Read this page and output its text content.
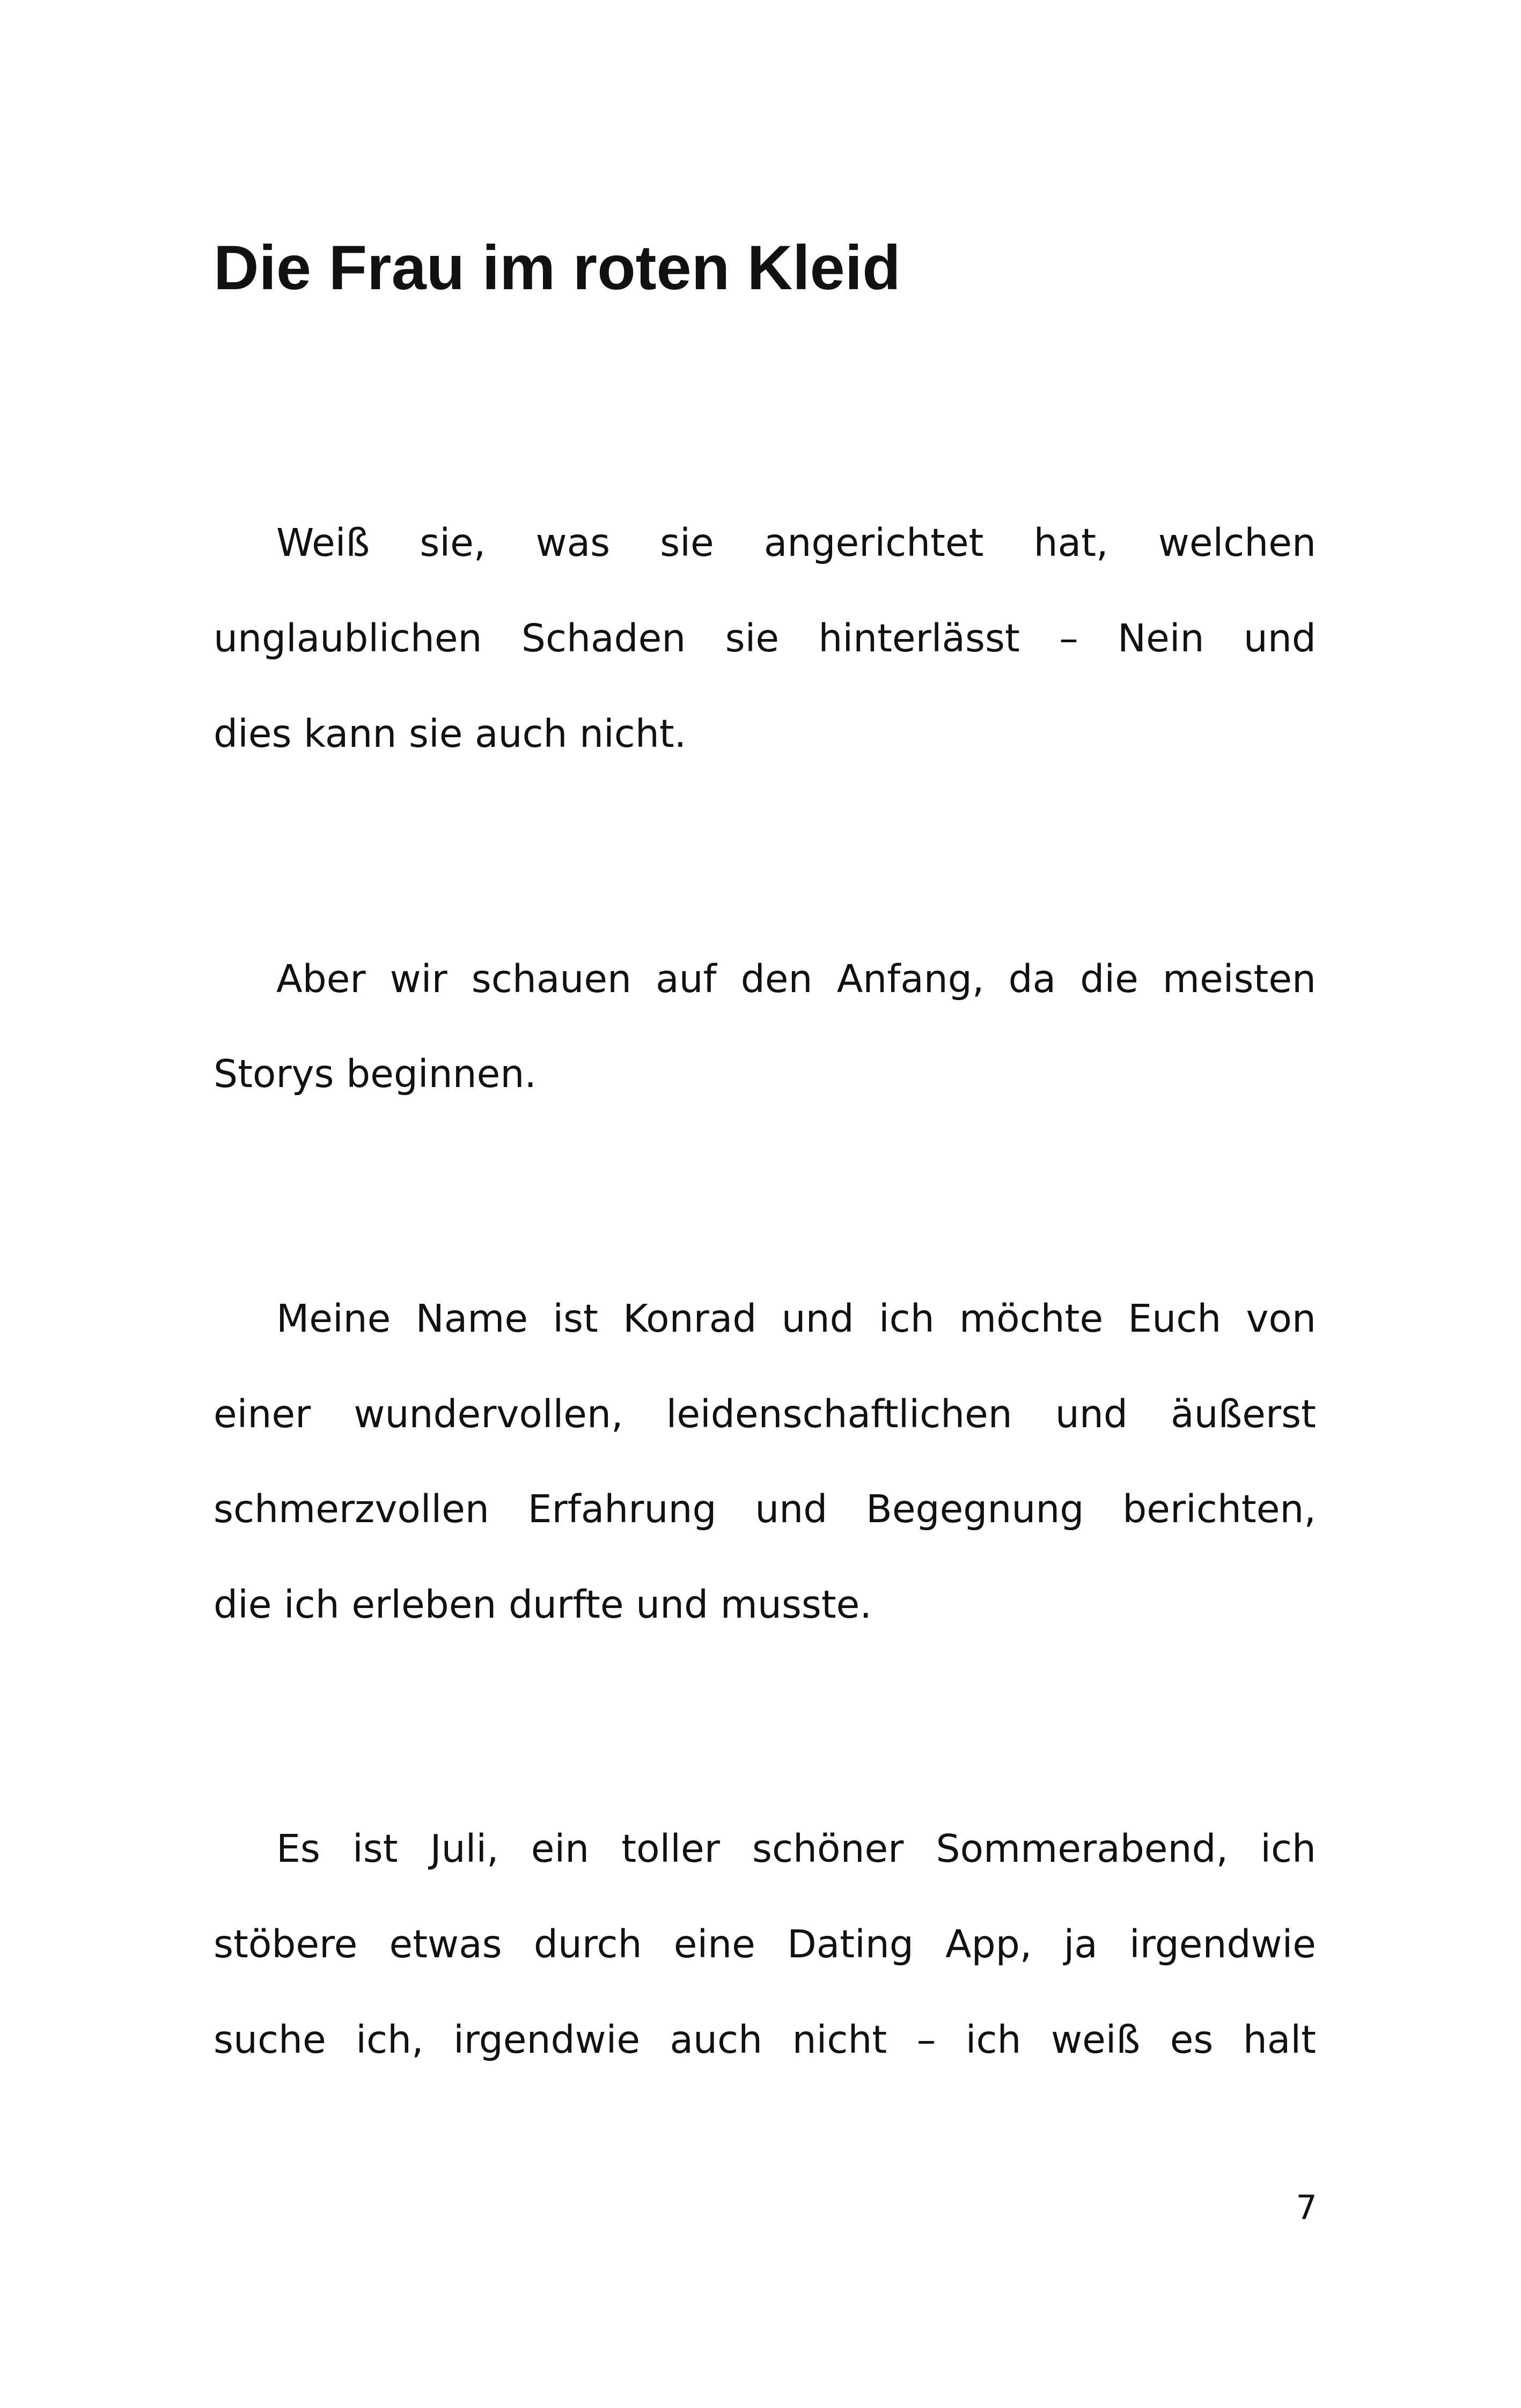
Die Frau im roten Kleid
Weiß sie, was sie angerichtet hat, welchen
unglaublichen Schaden sie hinterlässt – Nein und
dies kann sie auch nicht.
Aber wir schauen auf den Anfang, da die meisten
Storys beginnen.
Meine Name ist Konrad und ich möchte Euch von
einer wundervollen, leidenschaftlichen und äußerst
schmerzvollen Erfahrung und Begegnung berichten,
die ich erleben durfte und musste.
Es ist Juli, ein toller schöner Sommerabend, ich
stöbere etwas durch eine Dating App, ja irgendwie
suche ich, irgendwie auch nicht – ich weiß es halt
7
